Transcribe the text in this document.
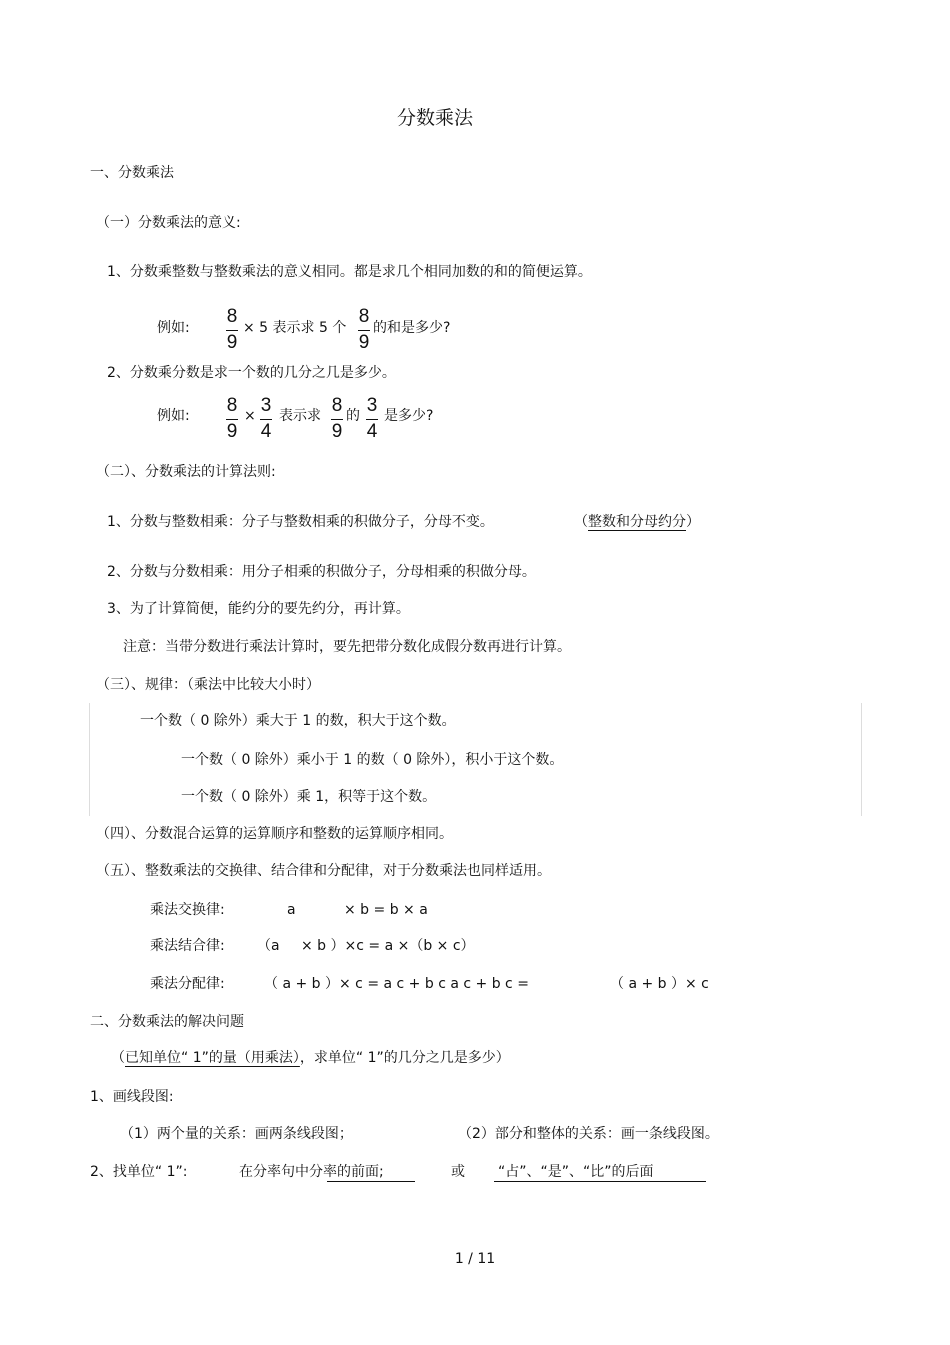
分数乘法
一、分数乘法
（一）分数乘法的意义:
1、分数乘整数与整数乘法的意义相同。都是求几个相同加数的和的简便运算。
例如:
8
9
× 5 表示求 5 个
8
9
的和是多少?
2、分数乘分数是求一个数的几分之几是多少。
例如: 8
9
× 3
4
表示求 8
9
的 3
4
是多少?
（二）、分数乘法的计算法则:
1、分数与整数相乘：分子与整数相乘的积做分子，分母不变。	（整数和分母约分）
2、分数与分数相乘：用分子相乘的积做分子，分母相乘的积做分母。
3、为了计算简便，能约分的要先约分，再计算。
注意：当带分数进行乘法计算时，要先把带分数化成假分数再进行计算。
（三）、规律：（乘法中比较大小时）
一个数（ 0 除外）乘大于 1 的数，积大于这个数。
一个数（ 0 除外）乘小于 1 的数（ 0 除外），积小于这个数。
一个数（ 0 除外）乘 1，积等于这个数。
（四）、分数混合运算的运算顺序和整数的运算顺序相同。
（五）、整数乘法的交换律、结合律和分配律，对于分数乘法也同样适用。
乘法交换律:	a	× b = b × a
乘法结合律: （a × b ）×c = a ×（b × c）
乘法分配律:	（ a + b ）× c = a c + b c a c + b c =	（ a + b ）× c
二、分数乘法的解决问题
（已知单位“ 1”的量（用乘法），求单位“ 1”的几分之几是多少）
1、画线段图:
（1）两个量的关系：画两条线段图；	（2）部分和整体的关系：画一条线段图。
2、找单位“ 1”:	在分率句中分率的前面;	或 “占”、“是”、“比”的后面
1 / 11
